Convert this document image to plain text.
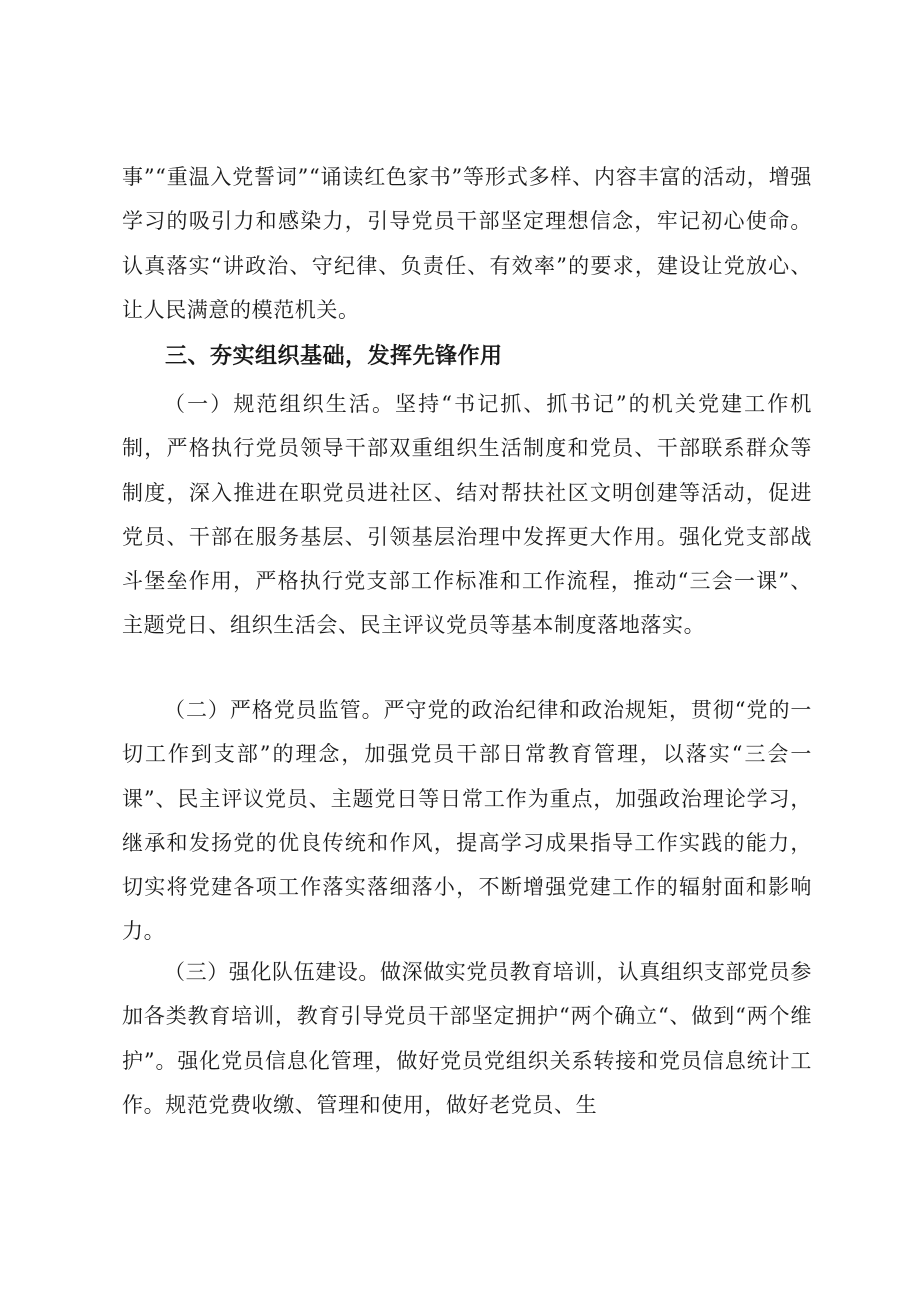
事”“重温入党誓词”“诵读红色家书”等形式多样、内容丰富的活动，增强学习的吸引力和感染力，引导党员干部坚定理想信念，牢记初心使命。认真落实“讲政治、守纪律、负责任、有效率”的要求，建设让党放心、让人民满意的模范机关。

三、夯实组织基础，发挥先锋作用

（一）规范组织生活。坚持“书记抓、抓书记”的机关党建工作机制，严格执行党员领导干部双重组织生活制度和党员、干部联系群众等制度，深入推进在职党员进社区、结对帮扶社区文明创建等活动，促进党员、干部在服务基层、引领基层治理中发挥更大作用。强化党支部战斗堡垒作用，严格执行党支部工作标准和工作流程，推动“三会一课”、主题党日、组织生活会、民主评议党员等基本制度落地落实。

（二）严格党员监管。严守党的政治纪律和政治规矩，贯彻“党的一切工作到支部”的理念，加强党员干部日常教育管理，以落实“三会一课”、民主评议党员、主题党日等日常工作为重点，加强政治理论学习，继承和发扬党的优良传统和作风，提高学习成果指导工作实践的能力，切实将党建各项工作落实落细落小，不断增强党建工作的辐射面和影响力。

（三）强化队伍建设。做深做实党员教育培训，认真组织支部党员参加各类教育培训，教育引导党员干部坚定拥护“两个确立“、做到“两个维护”。强化党员信息化管理，做好党员党组织关系转接和党员信息统计工作。规范党费收缴、管理和使用，做好老党员、生
